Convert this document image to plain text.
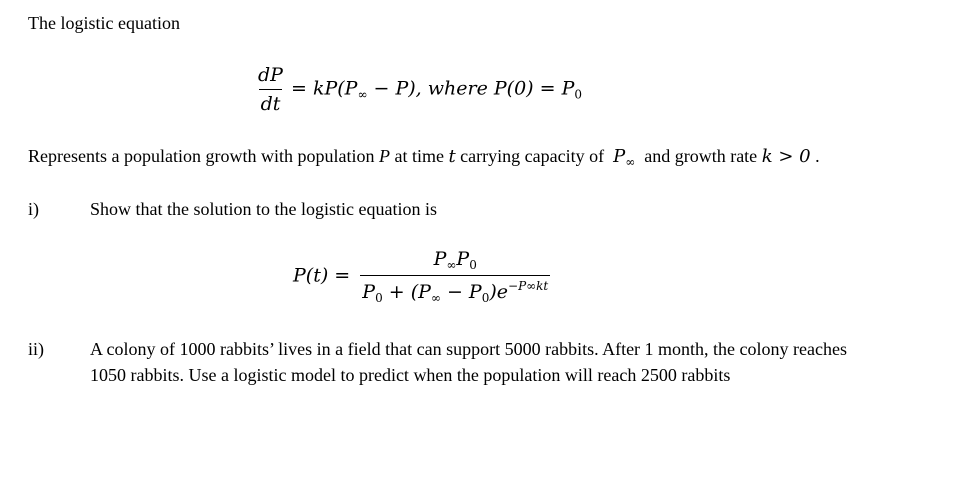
The logistic equation
$\frac{dP}{dt} = kP(P_\infty - P)$, where $P(0) = P_0$
Represents a population growth with population P at time t carrying capacity of $P_\infty$ and growth rate k > 0 .
i)	Show that the solution to the logistic equation is
$P(t) = \frac{P_\infty P_0}{P_0 + (P_\infty - P_0)e^{-P\infty kt}}$
ii)	A colony of 1000 rabbits’ lives in a field that can support 5000 rabbits. After 1 month, the colony reaches
1050 rabbits. Use a logistic model to predict when the population will reach 2500 rabbits
